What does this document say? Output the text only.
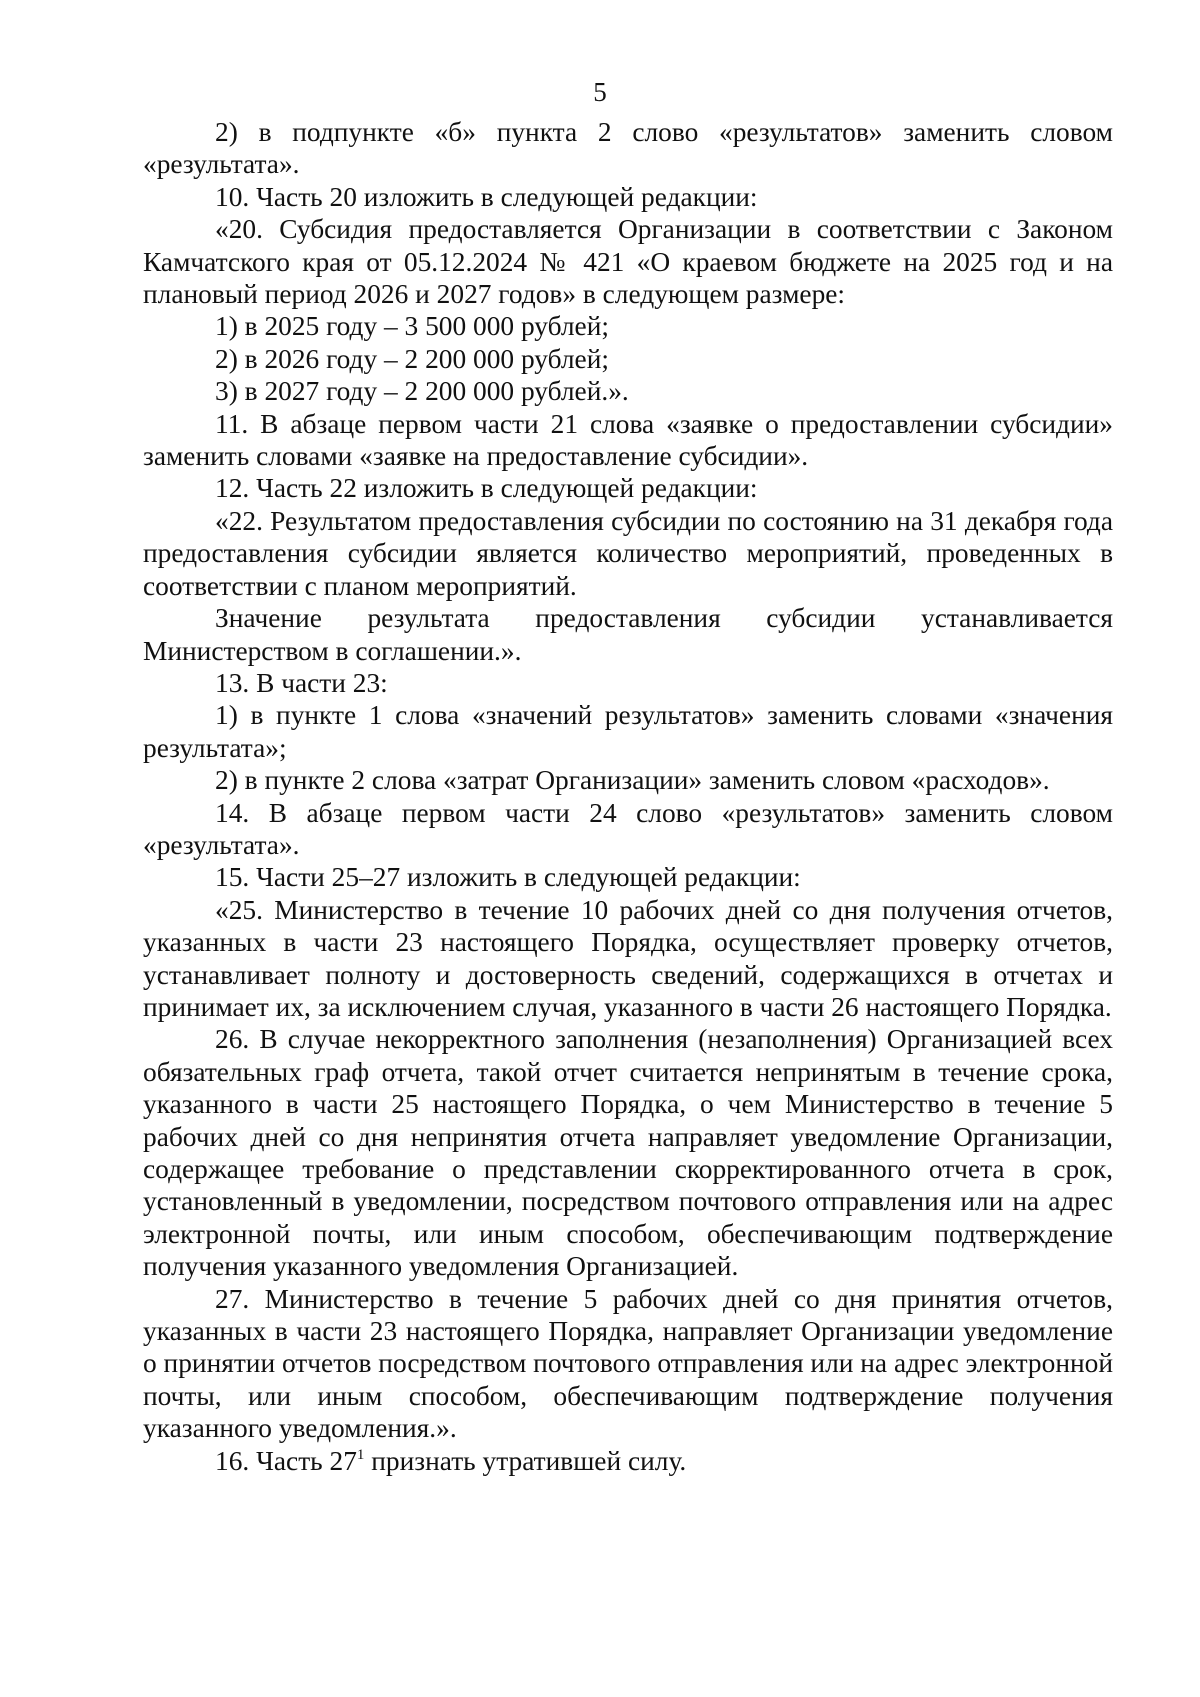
5

2) в подпункте «б» пункта 2 слово «результатов» заменить словом «результата».

10. Часть 20 изложить в следующей редакции:

«20. Субсидия предоставляется Организации в соответствии с Законом Камчатского края от 05.12.2024 № 421 «О краевом бюджете на 2025 год и на плановый период 2026 и 2027 годов» в следующем размере:

1) в 2025 году – 3 500 000 рублей;

2) в 2026 году – 2 200 000 рублей;

3) в 2027 году – 2 200 000 рублей.».

11. В абзаце первом части 21 слова «заявке о предоставлении субсидии» заменить словами «заявке на предоставление субсидии».

12. Часть 22 изложить в следующей редакции:

«22. Результатом предоставления субсидии по состоянию на 31 декабря года предоставления субсидии является количество мероприятий, проведенных в соответствии с планом мероприятий.

Значение результата предоставления субсидии устанавливается Министерством в соглашении.».

13. В части 23:

1) в пункте 1 слова «значений результатов» заменить словами «значения результата»;

2) в пункте 2 слова «затрат Организации» заменить словом «расходов».

14. В абзаце первом части 24 слово «результатов» заменить словом «результата».

15. Части 25–27 изложить в следующей редакции:

«25. Министерство в течение 10 рабочих дней со дня получения отчетов, указанных в части 23 настоящего Порядка, осуществляет проверку отчетов, устанавливает полноту и достоверность сведений, содержащихся в отчетах и принимает их, за исключением случая, указанного в части 26 настоящего Порядка.

26. В случае некорректного заполнения (незаполнения) Организацией всех обязательных граф отчета, такой отчет считается непринятым в течение срока, указанного в части 25 настоящего Порядка, о чем Министерство в течение 5 рабочих дней со дня непринятия отчета направляет уведомление Организации, содержащее требование о представлении скорректированного отчета в срок, установленный в уведомлении, посредством почтового отправления или на адрес электронной почты, или иным способом, обеспечивающим подтверждение получения указанного уведомления Организацией.

27. Министерство в течение 5 рабочих дней со дня принятия отчетов, указанных в части 23 настоящего Порядка, направляет Организации уведомление о принятии отчетов посредством почтового отправления или на адрес электронной почты, или иным способом, обеспечивающим подтверждение получения указанного уведомления.».

16. Часть $27^1$ признать утратившей силу.
